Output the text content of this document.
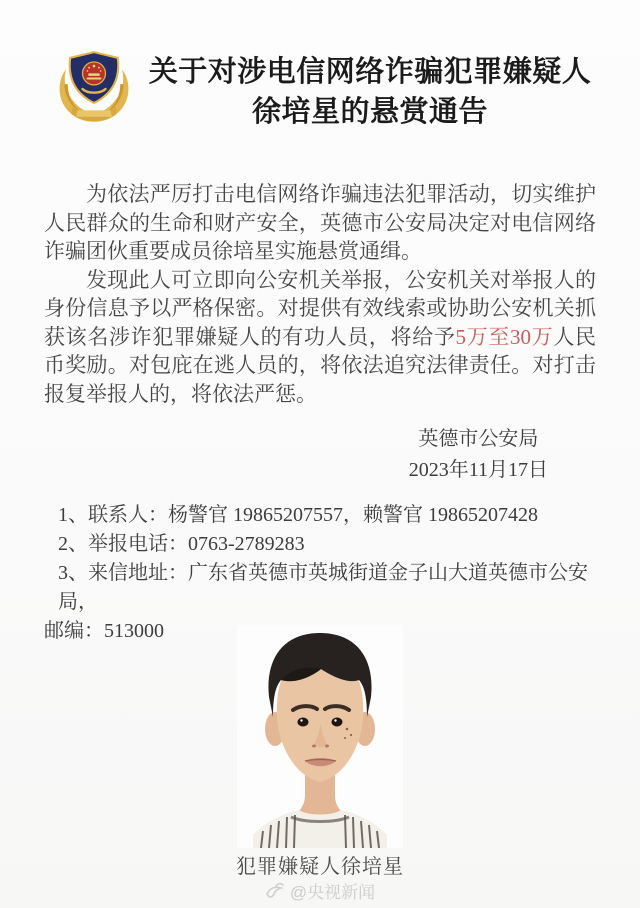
关于对涉电信网络诈骗犯罪嫌疑人
徐培星的悬赏通告

为依法严厉打击电信网络诈骗违法犯罪活动，切实维护人民群众的生命和财产安全，英德市公安局决定对电信网络诈骗团伙重要成员徐培星实施悬赏通缉。

发现此人可立即向公安机关举报，公安机关对举报人的身份信息予以严格保密。对提供有效线索或协助公安机关抓获该名涉诈犯罪嫌疑人的有功人员，将给予5万至30万人民币奖励。对包庇在逃人员的，将依法追究法律责任。对打击报复举报人的，将依法严惩。

英德市公安局
2023年11月17日
1、联系人：杨警官 19865207557，赖警官 19865207428
2、举报电话：0763-2789283
3、来信地址：广东省英德市英城街道金子山大道英德市公安局，
邮编：513000
犯罪嫌疑人徐培星
@央视新闻
